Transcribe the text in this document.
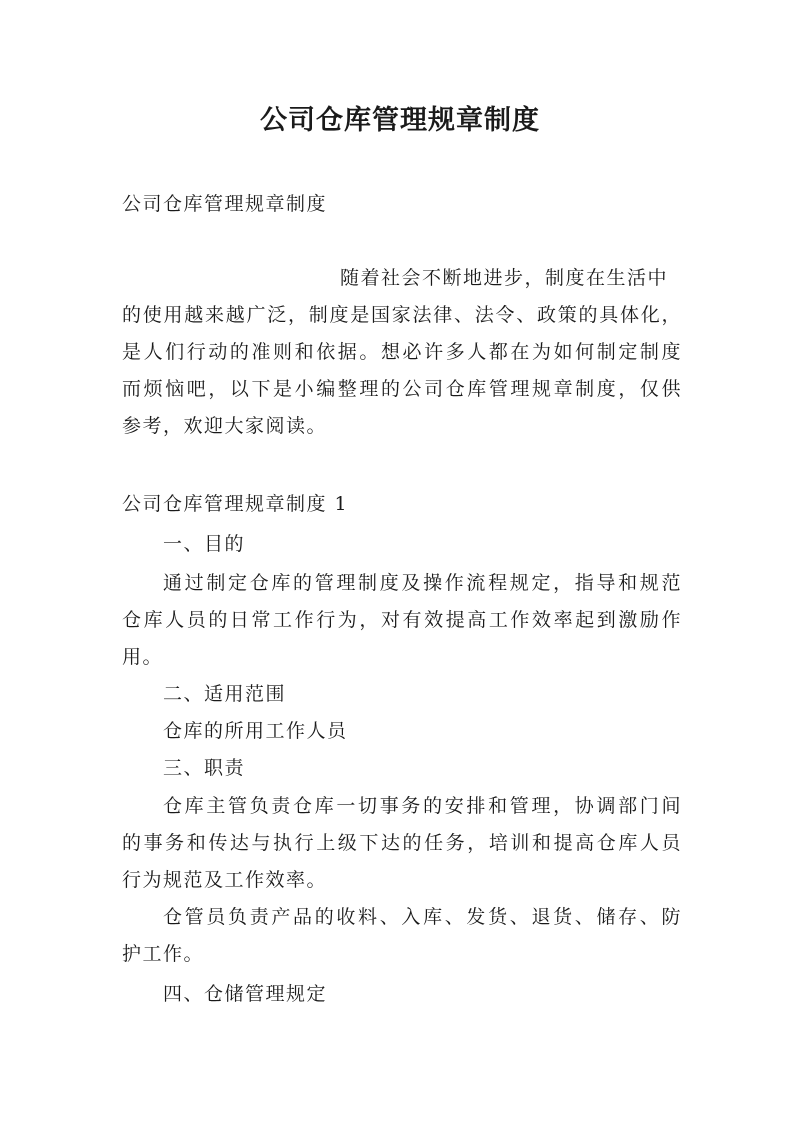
公司仓库管理规章制度

公司仓库管理规章制度

随着社会不断地进步，制度在生活中

的使用越来越广泛，制度是国家法律、法令、政策的具体化，

是人们行动的准则和依据。想必许多人都在为如何制定制度

而烦恼吧，以下是小编整理的公司仓库管理规章制度，仅供

参考，欢迎大家阅读。

公司仓库管理规章制度 1

一、目的

通过制定仓库的管理制度及操作流程规定，指导和规范

仓库人员的日常工作行为，对有效提高工作效率起到激励作

用。

二、适用范围

仓库的所用工作人员

三、职责

仓库主管负责仓库一切事务的安排和管理，协调部门间

的事务和传达与执行上级下达的任务，培训和提高仓库人员

行为规范及工作效率。

仓管员负责产品的收料、入库、发货、退货、储存、防

护工作。

四、仓储管理规定
